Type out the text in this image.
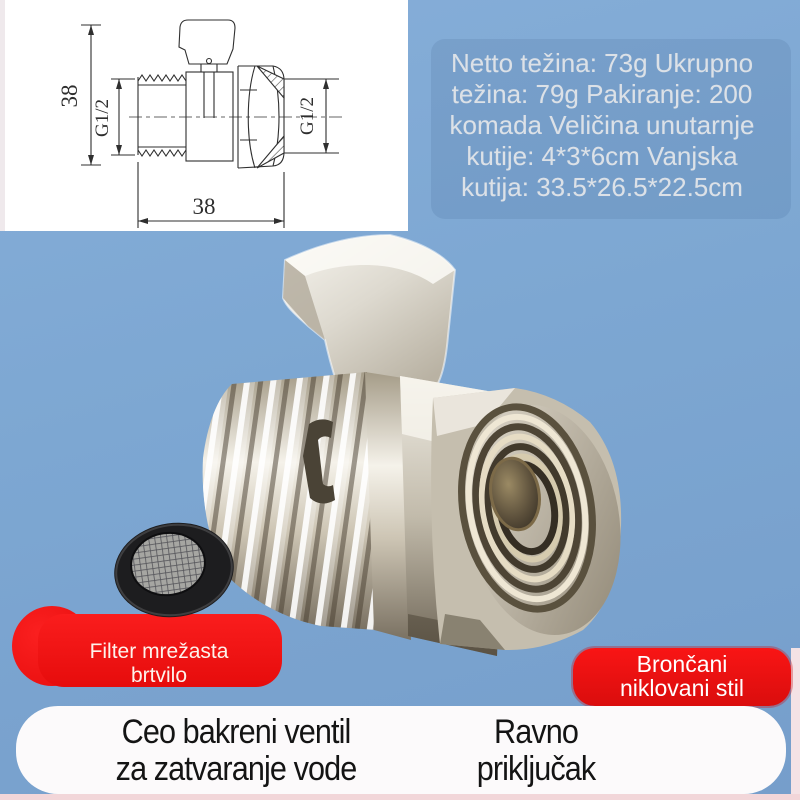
38
G1/2	G1/2
38
Netto težina: 73g Ukrupno
težina: 79g Pakiranje: 200
komada Veličina unutarnje
kutije: 4*3*6cm Vanjska
kutija: 33.5*26.5*22.5cm
Filter mrežasta
brtvilo	Brončani
niklovani stil
Ceo bakreni ventil
za zatvaranje vode
Ravno
priključak
